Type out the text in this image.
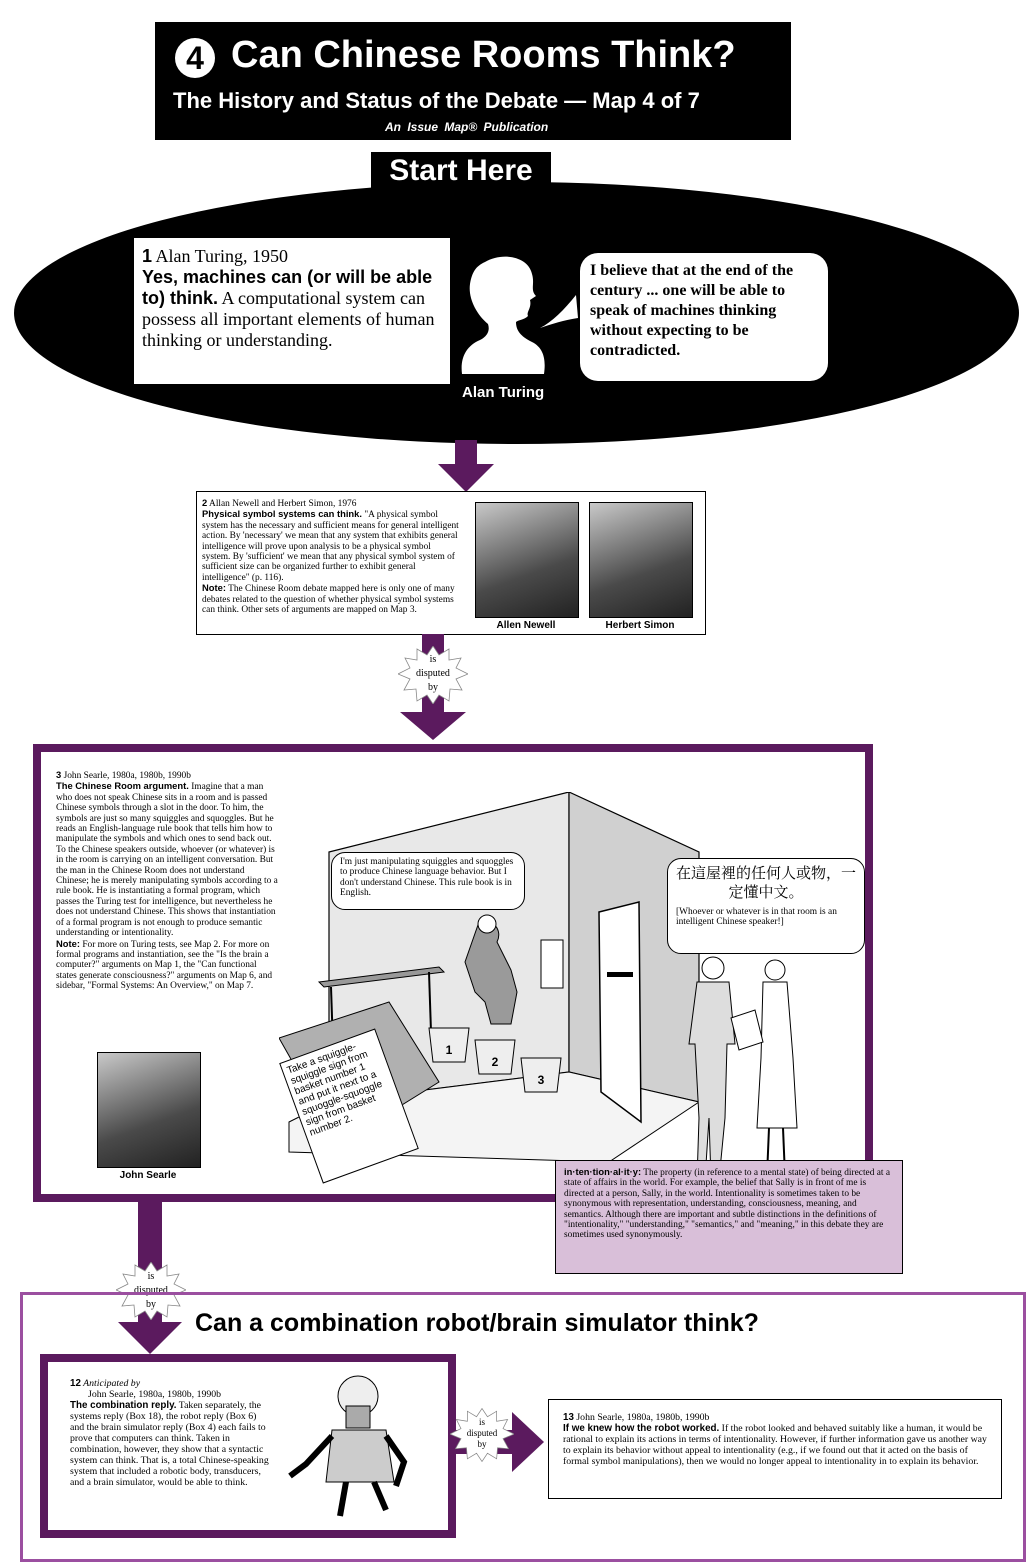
4 Can Chinese Rooms Think?
The History and Status of the Debate — Map 4 of 7
An Issue Map® Publication
Start Here
1 Alan Turing, 1950
Yes, machines can (or will be able to) think. A computational system can possess all important elements of human thinking or understanding.
I believe that at the end of the century ... one will be able to speak of machines thinking without expecting to be contradicted.
Alan Turing
2 Allan Newell and Herbert Simon, 1976
Physical symbol systems can think. "A physical symbol system has the necessary and sufficient means for general intelligent action. By 'necessary' we mean that any system that exhibits general intelligence will prove upon analysis to be a physical symbol system. By 'sufficient' we mean that any physical symbol system of sufficient size can be organized further to exhibit general intelligence" (p. 116).
Note: The Chinese Room debate mapped here is only one of many debates related to the question of whether physical symbol systems can think. Other sets of arguments are mapped on Map 3.
Allen Newell	Herbert Simon
is
disputed
by
3 John Searle, 1980a, 1980b, 1990b
The Chinese Room argument. Imagine that a man who does not speak Chinese sits in a room and is passed Chinese symbols through a slot in the door. To him, the symbols are just so many squiggles and squoggles. But he reads an English-language rule book that tells him how to manipulate the symbols and which ones to send back out. To the Chinese speakers outside, whoever (or whatever) is in the room is carrying on an intelligent conversation. But the man in the Chinese Room does not understand Chinese; he is merely manipulating symbols according to a rule book. He is instantiating a formal program, which passes the Turing test for intelligence, but nevertheless he does not understand Chinese. This shows that instantiation of a formal program is not enough to produce semantic understanding or intentionality.
Note: For more on Turing tests, see Map 2. For more on formal programs and instantiation, see the "Is the brain a computer?" arguments on Map 1, the "Can functional states generate consciousness?" arguments on Map 6, and sidebar, "Formal Systems: An Overview," on Map 7.
John Searle
1
2
3
Take a squiggle-squiggle sign from basket number 1 and put it next to a squoggle-squoggle sign from basket number 2.
I'm just manipulating squiggles and squoggles to produce Chinese language behavior. But I don't understand Chinese. This rule book is in English.
在這屋裡的任何人或物，一定懂中文。
[Whoever or whatever is in that room is an intelligent Chinese speaker!]
in·ten·tion·al·it·y: The property (in reference to a mental state) of being directed at a state of affairs in the world. For example, the belief that Sally is in front of me is directed at a person, Sally, in the world. Intentionality is sometimes taken to be synonymous with representation, understanding, consciousness, meaning, and semantics. Although there are important and subtle distinctions in the definitions of "intentionality," "understanding," "semantics," and "meaning," in this debate they are sometimes used synonymously.
is
disputed
by
Can a combination robot/brain simulator think?
12 Anticipated by
John Searle, 1980a, 1980b, 1990b
The combination reply. Taken separately, the systems reply (Box 18), the robot reply (Box 6) and the brain simulator reply (Box 4) each fails to prove that computers can think. Taken in combination, however, they show that a syntactic system can think. That is, a total Chinese-speaking system that included a robotic body, transducers, and a brain simulator, would be able to think.
is
disputed
by
13 John Searle, 1980a, 1980b, 1990b
If we knew how the robot worked. If the robot looked and behaved suitably like a human, it would be rational to explain its actions in terms of intentionality. However, if further information gave us another way to explain its behavior without appeal to intentionality (e.g., if we found out that it acted on the basis of formal symbol manipulations), then we would no longer appeal to intentionality in to explain its behavior.
